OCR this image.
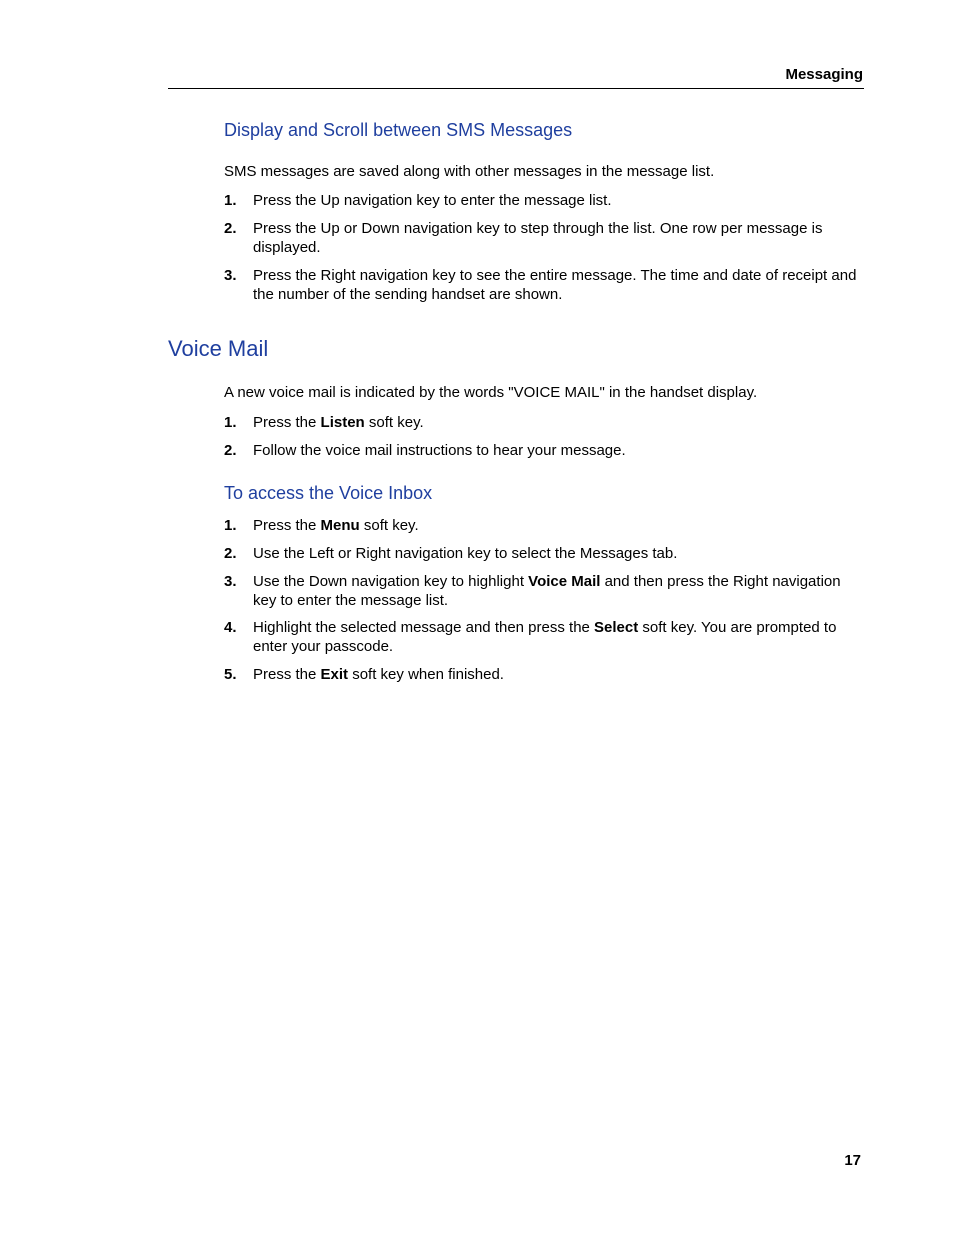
Messaging
Display and Scroll between SMS Messages

SMS messages are saved along with other messages in the message list.

1. Press the Up navigation key to enter the message list.
2. Press the Up or Down navigation key to step through the list. One row per message is displayed.
3. Press the Right navigation key to see the entire message. The time and date of receipt and the number of the sending handset are shown.
Voice Mail

A new voice mail is indicated by the words "VOICE MAIL" in the handset display.

1. Press the Listen soft key.
2. Follow the voice mail instructions to hear your message.
To access the Voice Inbox
1. Press the Menu soft key.
2. Use the Left or Right navigation key to select the Messages tab.
3. Use the Down navigation key to highlight Voice Mail and then press the Right navigation key to enter the message list.
4. Highlight the selected message and then press the Select soft key. You are prompted to enter your passcode.
5. Press the Exit soft key when finished.
17
